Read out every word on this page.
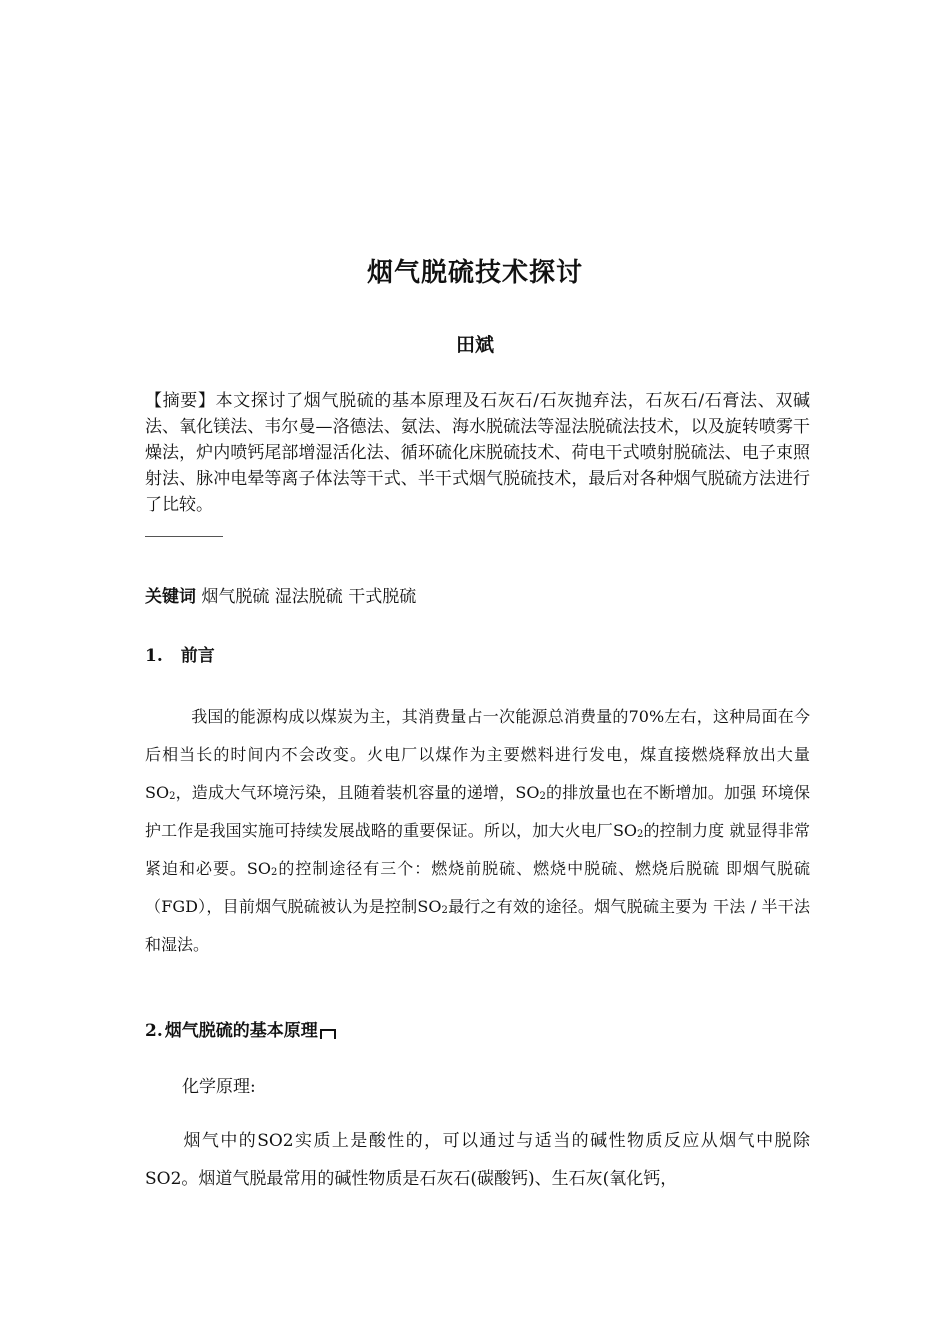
烟气脱硫技术探讨
田斌
【摘要】本文探讨了烟气脱硫的基本原理及石灰石/石灰抛弃法，石灰石/石膏法、双碱法、氧化镁法、韦尔曼—洛德法、氨法、海水脱硫法等湿法脱硫法技术，以及旋转喷雾干燥法，炉内喷钙尾部增湿活化法、循环硫化床脱硫技术、荷电干式喷射脱硫法、电子束照射法、脉冲电晕等离子体法等干式、半干式烟气脱硫技术，最后对各种烟气脱硫方法进行了比较。
关键词 烟气脱硫 湿法脱硫 干式脱硫
1. 前言
我国的能源构成以煤炭为主，其消费量占一次能源总消费量的70%左右，这种局面在今后相当长的时间内不会改变。火电厂以煤作为主要燃料进行发电，煤直接燃烧释放出大量$SO_2$，造成大气环境污染，且随着装机容量的递增，$SO_2$的排放量也在不断增加。加强 环境保护工作是我国实施可持续发展战略的重要保证。所以，加大火电厂$SO_2$的控制力度 就显得非常紧迫和必要。$SO_2$的控制途径有三个：燃烧前脱硫、燃烧中脱硫、燃烧后脱硫 即烟气脱硫（FGD），目前烟气脱硫被认为是控制$SO_2$最行之有效的途径。烟气脱硫主要为 干法 / 半干法和湿法。
2. 烟气脱硫的基本原理
化学原理:
烟气中的SO2实质上是酸性的，可以通过与适当的碱性物质反应从烟气中脱除SO2。烟道气脱最常用的碱性物质是石灰石(碳酸钙)、生石灰(氧化钙，
